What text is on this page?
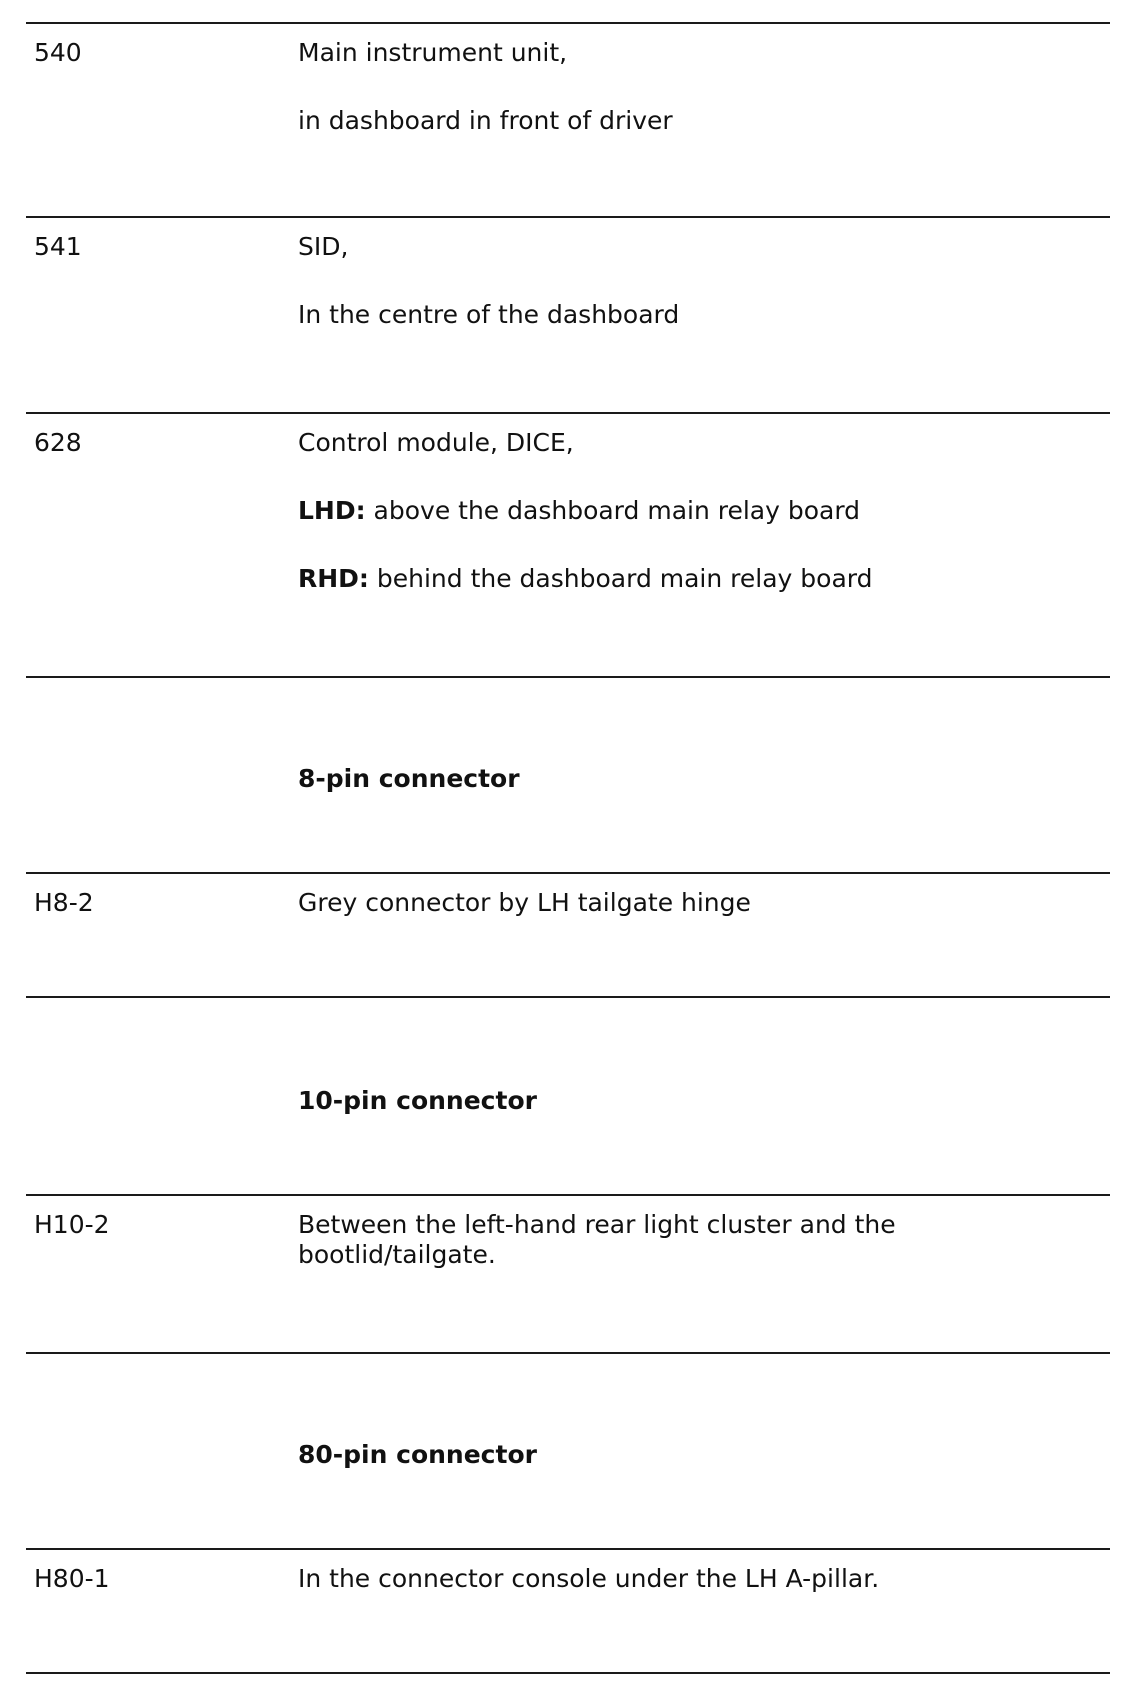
540	Main instrument unit,
in dashboard in front of driver
541	SID,
In the centre of the dashboard
628	Control module, DICE,
LHD: above the dashboard main relay board
RHD: behind the dashboard main relay board
8-pin connector
H8-2	Grey connector by LH tailgate hinge
10-pin connector
H10-2	Between the left-hand rear light cluster and the bootlid/tailgate.
80-pin connector
H80-1	In the connector console under the LH A-pillar.
